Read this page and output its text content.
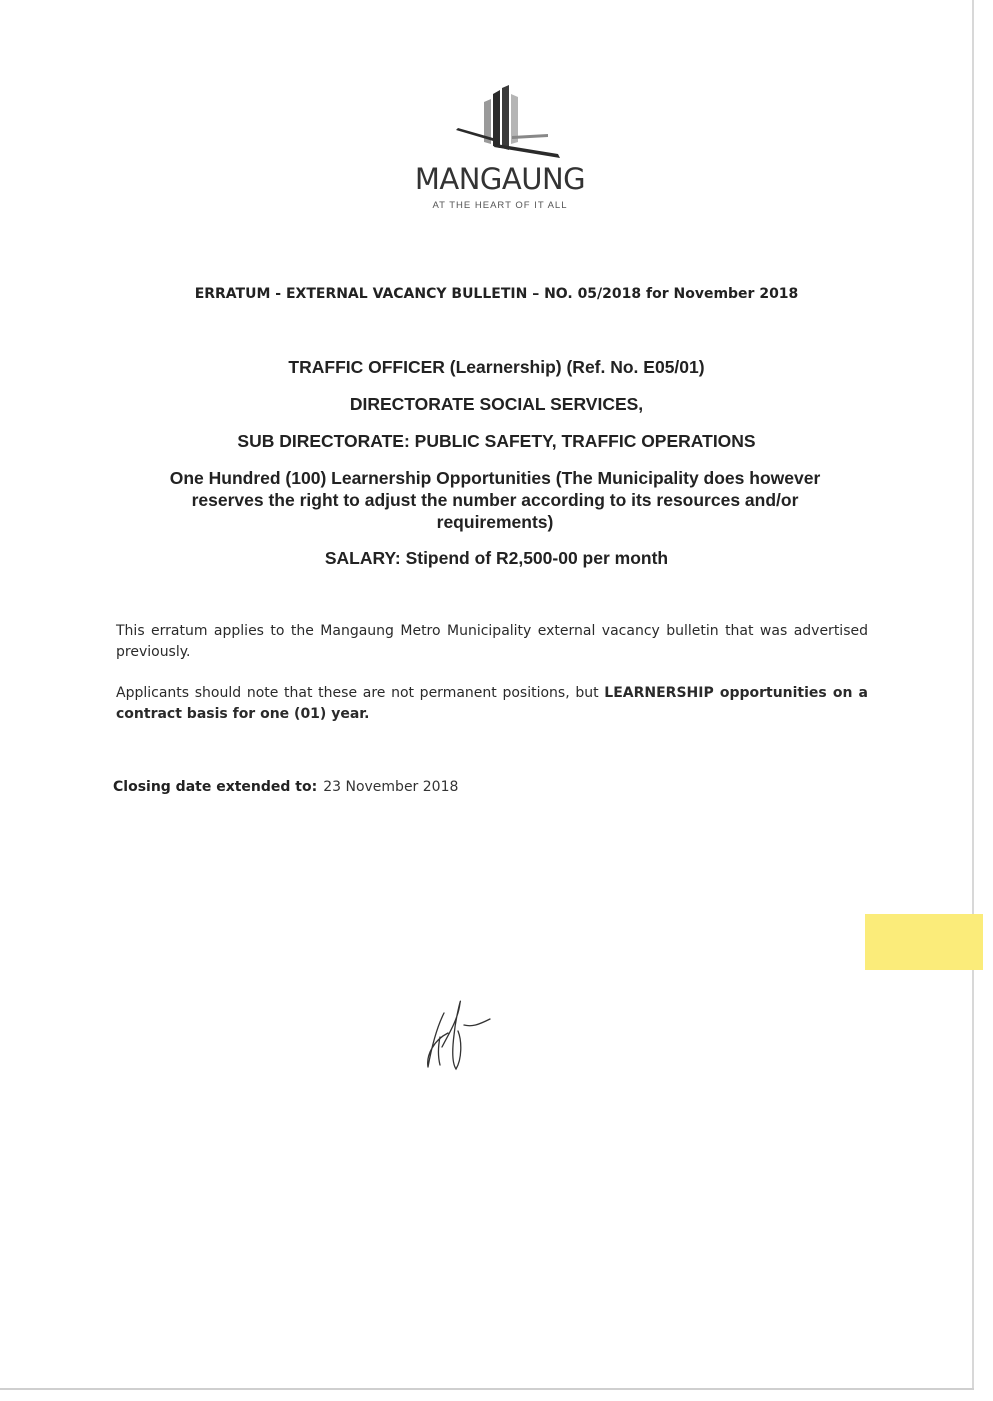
MANGAUNG
AT THE HEART OF IT ALL
ERRATUM - EXTERNAL VACANCY BULLETIN – NO. 05/2018 for November 2018
TRAFFIC OFFICER (Learnership) (Ref. No. E05/01)
DIRECTORATE SOCIAL SERVICES,
SUB DIRECTORATE: PUBLIC SAFETY, TRAFFIC OPERATIONS
One Hundred (100) Learnership Opportunities (The Municipality does however reserves the right to adjust the number according to its resources and/or requirements)
SALARY: Stipend of R2,500-00 per month
This erratum applies to the Mangaung Metro Municipality external vacancy bulletin that was advertised previously.
Applicants should note that these are not permanent positions, but LEARNERSHIP opportunities on a contract basis for one (01) year.
Closing date extended to: 23 November 2018
